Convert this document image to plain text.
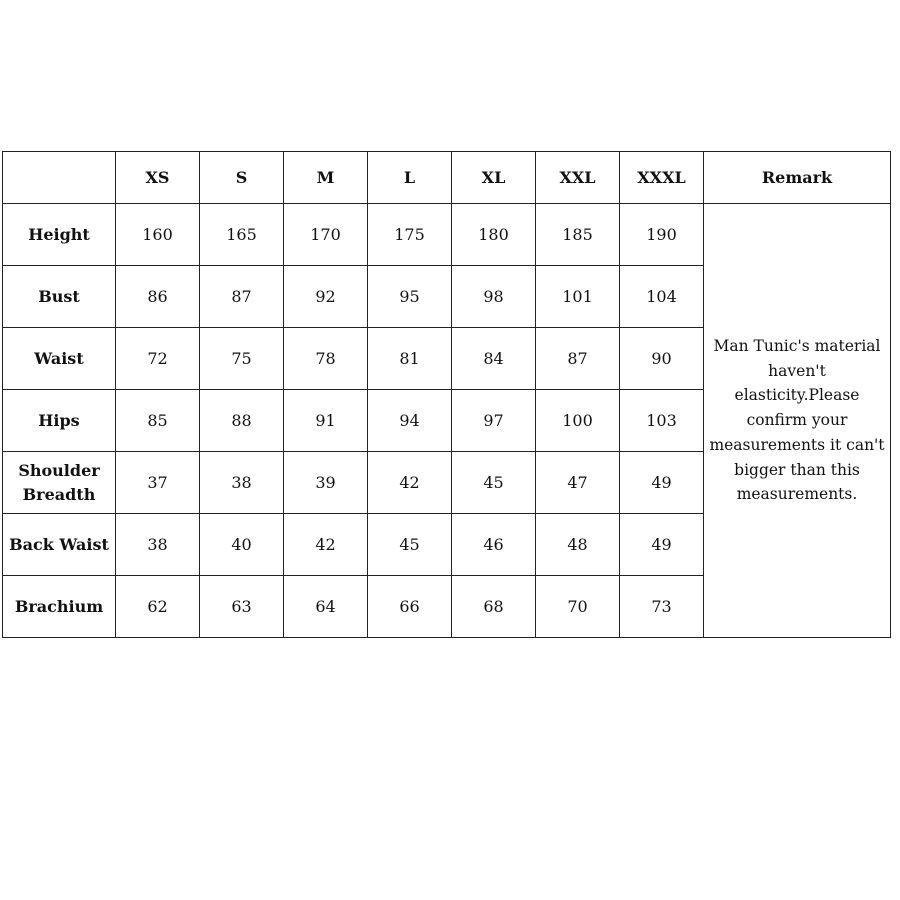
	XS	S	M	L	XL	XXL	XXXL	Remark
Height	160	165	170	175	180	185	190	Man Tunic's material haven't elasticity.Please confirm your measurements it can't bigger than this measurements.
Bust	86	87	92	95	98	101	104	
Waist	72	75	78	81	84	87	90	
Hips	85	88	91	94	97	100	103	
Shoulder Breadth	37	38	39	42	45	47	49	
Back Waist	38	40	42	45	46	48	49	
Brachium	62	63	64	66	68	70	73	
